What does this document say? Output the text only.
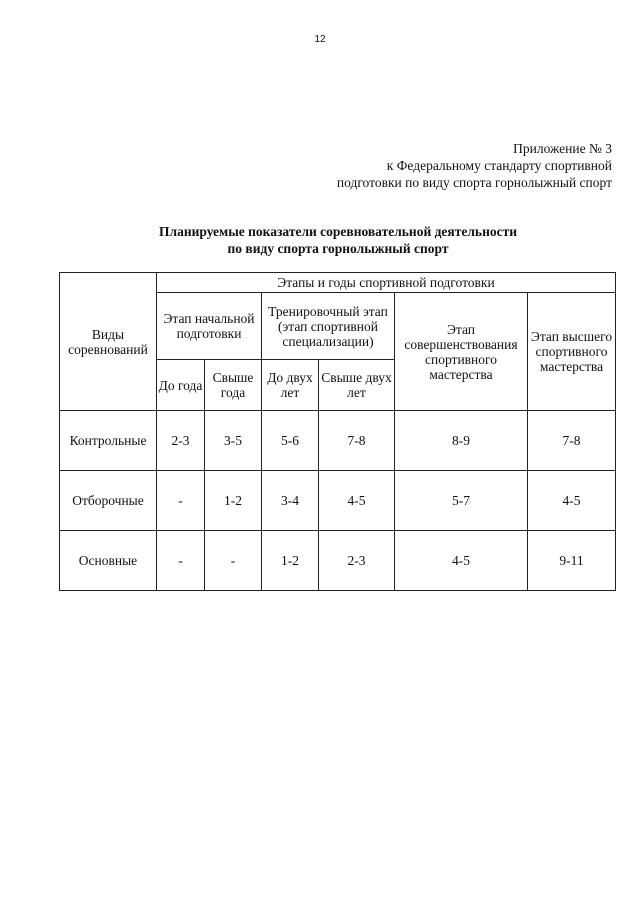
12
Приложение № 3
к Федеральному стандарту спортивной
подготовки по виду спорта горнолыжный спорт
Планируемые показатели соревновательной деятельности
по виду спорта горнолыжный спорт
Виды соревнований	Этапы и годы спортивной подготовки					
	Этап начальной подготовки		Тренировочный этап (этап спортивной специализации)		Этап совершенствования спортивного мастерства	Этап высшего спортивного мастерства
	До года	Свыше года	До двух лет	Свыше двух лет		
Контрольные	2-3	3-5	5-6	7-8	8-9	7-8
Отборочные	-	1-2	3-4	4-5	5-7	4-5
Основные	-	-	1-2	2-3	4-5	9-11
